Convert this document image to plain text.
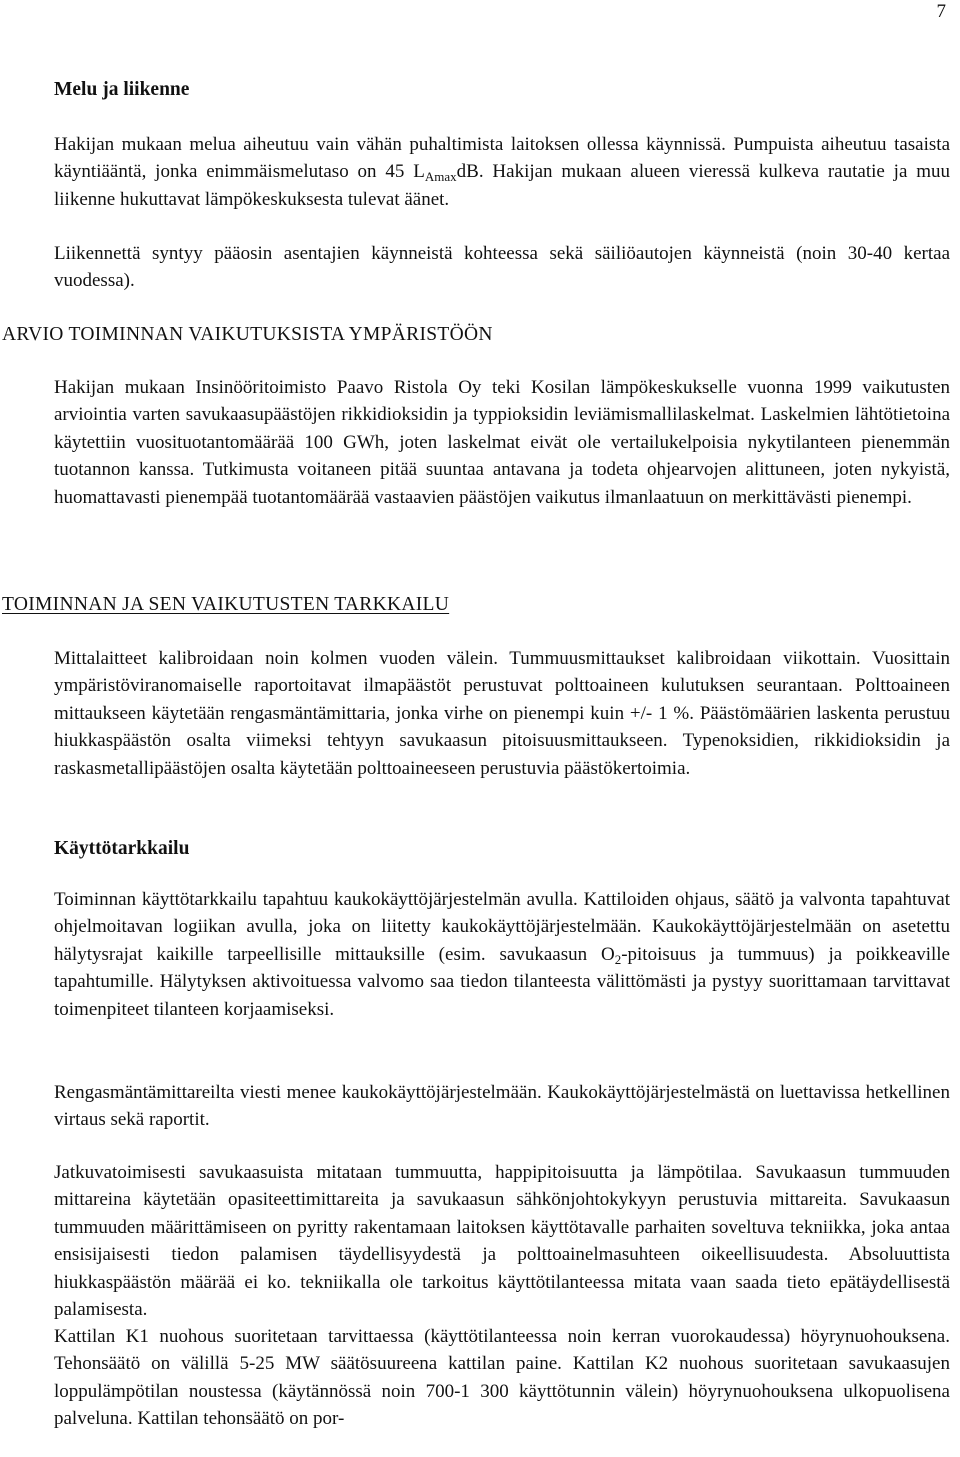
7
Melu ja liikenne

Hakijan mukaan melua aiheutuu vain vähän puhaltimista laitoksen ollessa käynnissä. Pumpuista aiheutuu tasaista käyntiääntä, jonka enimmäismelutaso on 45 $L_{Amax}dB$. Hakijan mukaan alueen vieressä kulkeva rautatie ja muu liikenne hukuttavat lämpökeskuksesta tulevat äänet.

Liikennettä syntyy pääosin asentajien käynneistä kohteessa sekä säiliöautojen käynneistä (noin 30-40 kertaa vuodessa).

ARVIO TOIMINNAN VAIKUTUKSISTA YMPÄRISTÖÖN

Hakijan mukaan Insinööritoimisto Paavo Ristola Oy teki Kosilan lämpökeskukselle vuonna 1999 vaikutusten arviointia varten savukaasupäästöjen rikkidioksidin ja typpioksidin leviämismallilaskelmat. Laskelmien lähtötietoina käytettiin vuosituotantomäärää 100 GWh, joten laskelmat eivät ole vertailukelpoisia nykytilanteen pienemmän tuotannon kanssa. Tutkimusta voitaneen pitää suuntaa antavana ja todeta ohjearvojen alittuneen, joten nykyistä, huomattavasti pienempää tuotantomäärää vastaavien päästöjen vaikutus ilmanlaatuun on merkittävästi pienempi.

TOIMINNAN JA SEN VAIKUTUSTEN TARKKAILU

Mittalaitteet kalibroidaan noin kolmen vuoden välein. Tummuusmittaukset kalibroidaan viikottain. Vuosittain ympäristöviranomaiselle raportoitavat ilmapäästöt perustuvat polttoaineen kulutuksen seurantaan. Polttoaineen mittaukseen käytetään rengasmäntämittaria, jonka virhe on pienempi kuin +/- 1 %. Päästömäärien laskenta perustuu hiukkaspäästön osalta viimeksi tehtyyn savukaasun pitoisuusmittaukseen. Typenoksidien, rikkidioksidin ja raskasmetallipäästöjen osalta käytetään polttoaineeseen perustuvia päästökertoimia.

Käyttötarkkailu

Toiminnan käyttötarkkailu tapahtuu kaukokäyttöjärjestelmän avulla. Kattiloiden ohjaus, säätö ja valvonta tapahtuvat ohjelmoitavan logiikan avulla, joka on liitetty kaukokäyttöjärjestelmään. Kaukokäyttöjärjestelmään on asetettu hälytysrajat kaikille tarpeellisille mittauksille (esim. savukaasun $O_2$-pitoisuus ja tummuus) ja poikkeaville tapahtumille. Hälytyksen aktivoituessa valvomo saa tiedon tilanteesta välittömästi ja pystyy suorittamaan tarvittavat toimenpiteet tilanteen korjaamiseksi.

Rengasmäntämittareilta viesti menee kaukokäyttöjärjestelmään. Kaukokäyttöjärjestelmästä on luettavissa hetkellinen virtaus sekä raportit.

Jatkuvatoimisesti savukaasuista mitataan tummuutta, happipitoisuutta ja lämpötilaa. Savukaasun tummuuden mittareina käytetään opasiteettimittareita ja savukaasun sähkönjohtokykyyn perustuvia mittareita. Savukaasun tummuuden määrittämiseen on pyritty rakentamaan laitoksen käyttötavalle parhaiten soveltuva tekniikka, joka antaa ensisijaisesti tiedon palamisen täydellisyydestä ja polttoainelmasuhteen oikeellisuudesta. Absoluuttista hiukkaspäästön määrää ei ko. tekniikalla ole tarkoitus käyttötilanteessa mitata vaan saada tieto epätäydellisestä palamisesta.

Kattilan K1 nuohous suoritetaan tarvittaessa (käyttötilanteessa noin kerran vuorokaudessa) höyrynuohouksena. Tehonsäätö on välillä 5-25 MW säätösuureena kattilan paine. Kattilan K2 nuohous suoritetaan savukaasujen loppulämpötilan noustessa (käytännössä noin 700-1 300 käyttötunnin välein) höyrynuohouksena ulkopuolisena palveluna. Kattilan tehonsäätö on por-
